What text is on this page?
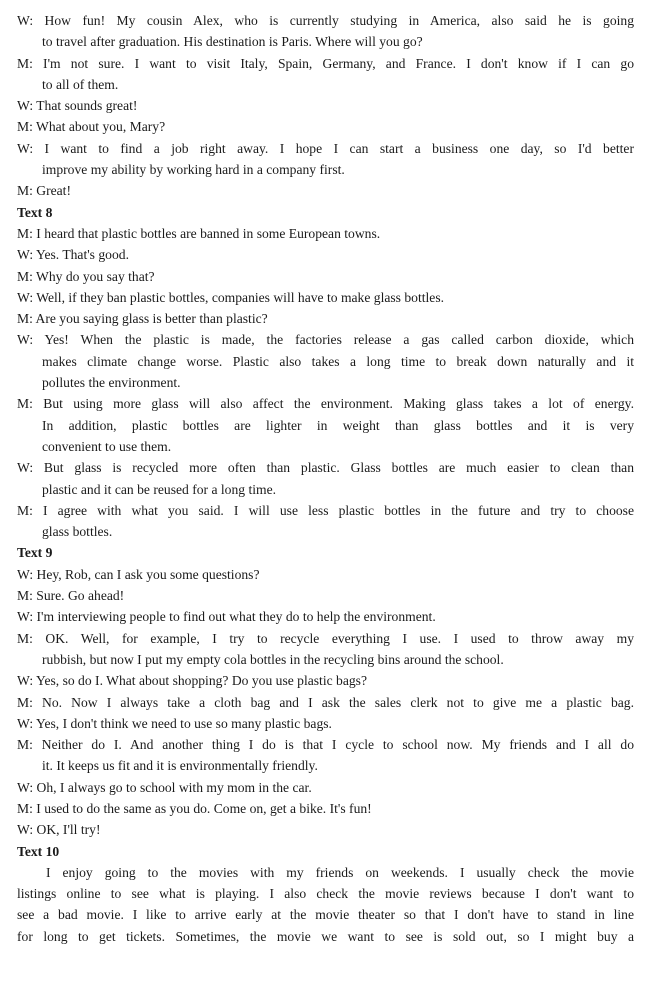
W: How fun! My cousin Alex, who is currently studying in America, also said he is going

to travel after graduation. His destination is Paris. Where will you go?

M: I'm not sure. I want to visit Italy, Spain, Germany, and France. I don't know if I can go

to all of them.

W: That sounds great!

M: What about you, Mary?

W: I want to find a job right away. I hope I can start a business one day, so I'd better

improve my ability by working hard in a company first.

M: Great!

Text 8

M: I heard that plastic bottles are banned in some European towns.

W: Yes. That's good.

M: Why do you say that?

W: Well, if they ban plastic bottles, companies will have to make glass bottles.

M: Are you saying glass is better than plastic?

W: Yes! When the plastic is made, the factories release a gas called carbon dioxide, which

makes climate change worse. Plastic also takes a long time to break down naturally and it

pollutes the environment.

M: But using more glass will also affect the environment. Making glass takes a lot of energy.

In addition, plastic bottles are lighter in weight than glass bottles and it is very

convenient to use them.

W: But glass is recycled more often than plastic. Glass bottles are much easier to clean than

plastic and it can be reused for a long time.

M: I agree with what you said. I will use less plastic bottles in the future and try to choose

glass bottles.

Text 9

W: Hey, Rob, can I ask you some questions?

M: Sure. Go ahead!

W: I'm interviewing people to find out what they do to help the environment.

M: OK. Well, for example, I try to recycle everything I use. I used to throw away my

rubbish, but now I put my empty cola bottles in the recycling bins around the school.

W: Yes, so do I. What about shopping? Do you use plastic bags?

M: No. Now I always take a cloth bag and I ask the sales clerk not to give me a plastic bag.

W: Yes, I don't think we need to use so many plastic bags.

M: Neither do I. And another thing I do is that I cycle to school now. My friends and I all do

it. It keeps us fit and it is environmentally friendly.

W: Oh, I always go to school with my mom in the car.

M: I used to do the same as you do. Come on, get a bike. It's fun!

W: OK, I'll try!

Text 10

I enjoy going to the movies with my friends on weekends. I usually check the movie

listings online to see what is playing. I also check the movie reviews because I don't want to

see a bad movie. I like to arrive early at the movie theater so that I don't have to stand in line

for long to get tickets. Sometimes, the movie we want to see is sold out, so I might buy a
